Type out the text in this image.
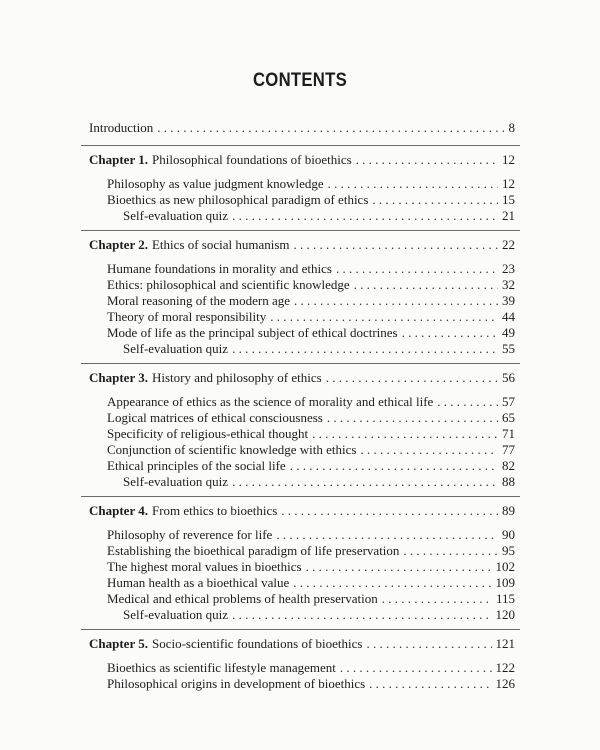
CONTENTS
Introduction . . .	8
Chapter 1. Philosophical foundations of bioethics . . .	12
Philosophy as value judgment knowledge . . .	12
Bioethics as new philosophical paradigm of ethics . . .	15
Self-evaluation quiz . . .	21
Chapter 2. Ethics of social humanism . . .	22
Humane foundations in morality and ethics . . .	23
Ethics: philosophical and scientific knowledge . . .	32
Moral reasoning of the modern age . . .	39
Theory of moral responsibility . . .	44
Mode of life as the principal subject of ethical doctrines . . .	49
Self-evaluation quiz . . .	55
Chapter 3. History and philosophy of ethics . . .	56
Appearance of ethics as the science of morality and ethical life . . .	57
Logical matrices of ethical consciousness . . .	65
Specificity of religious-ethical thought . . .	71
Conjunction of scientific knowledge with ethics . . .	77
Ethical principles of the social life . . .	82
Self-evaluation quiz . . .	88
Chapter 4. From ethics to bioethics . . .	89
Philosophy of reverence for life . . .	90
Establishing the bioethical paradigm of life preservation . . .	95
The highest moral values in bioethics . . .	102
Human health as a bioethical value . . .	109
Medical and ethical problems of health preservation . . .	115
Self-evaluation quiz . . .	120
Chapter 5. Socio-scientific foundations of bioethics . . .	121
Bioethics as scientific lifestyle management . . .	122
Philosophical origins in development of bioethics . . .	126
